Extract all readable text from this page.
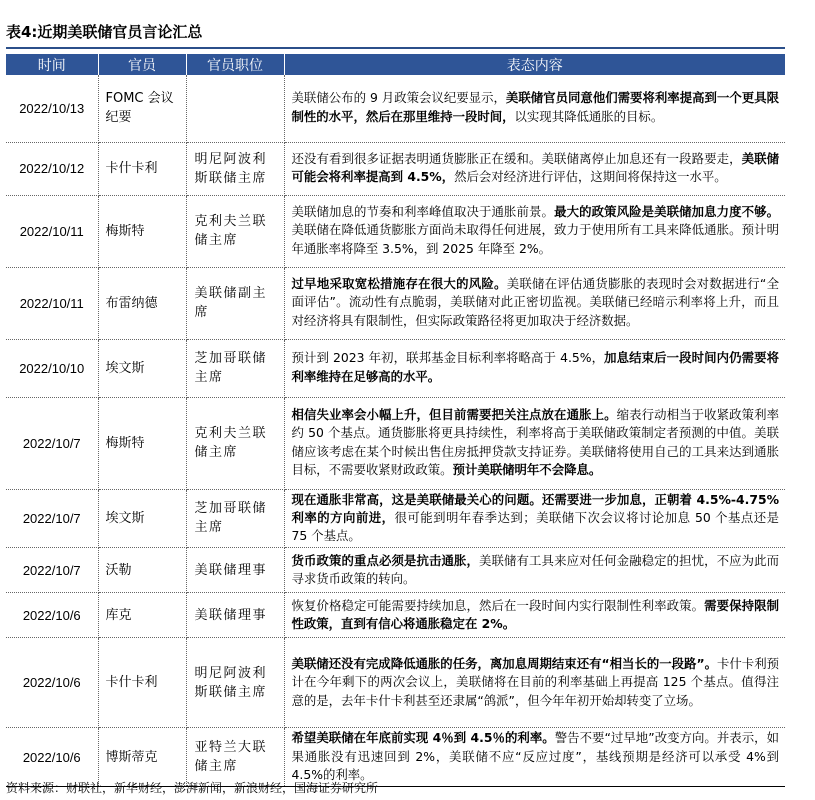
表4:近期美联储官员言论汇总
时间	官员	官员职位	表态内容
2022/10/13	FOMC 会议纪要		美联储公布的 9 月政策会议纪要显示，美联储官员同意他们需要将利率提高到一个更具限制性的水平，然后在那里维持一段时间，以实现其降低通胀的目标。
2022/10/12	卡什卡利	明尼阿波利斯联储主席	还没有看到很多证据表明通货膨胀正在缓和。美联储离停止加息还有一段路要走，美联储可能会将利率提高到 4.5%，然后会对经济进行评估，这期间将保持这一水平。
2022/10/11	梅斯特	克利夫兰联储主席	美联储加息的节奏和利率峰值取决于通胀前景。最大的政策风险是美联储加息力度不够。美联储在降低通货膨胀方面尚未取得任何进展，致力于使用所有工具来降低通胀。预计明年通胀率将降至 3.5%，到 2025 年降至 2%。
2022/10/11	布雷纳德	美联储副主席	过早地采取宽松措施存在很大的风险。美联储在评估通货膨胀的表现时会对数据进行“全面评估”。流动性有点脆弱，美联储对此正密切监视。美联储已经暗示利率将上升，而且对经济将具有限制性，但实际政策路径将更加取决于经济数据。
2022/10/10	埃文斯	芝加哥联储主席	预计到 2023 年初，联邦基金目标利率将略高于 4.5%，加息结束后一段时间内仍需要将利率维持在足够高的水平。
2022/10/7	梅斯特	克利夫兰联储主席	相信失业率会小幅上升，但目前需要把关注点放在通胀上。缩表行动相当于收紧政策利率约 50 个基点。通货膨胀将更具持续性，利率将高于美联储政策制定者预测的中值。美联储应该考虑在某个时候出售住房抵押贷款支持证券。美联储将使用自己的工具来达到通胀目标，不需要收紧财政政策。预计美联储明年不会降息。
2022/10/7	埃文斯	芝加哥联储主席	现在通胀非常高，这是美联储最关心的问题。还需要进一步加息，正朝着 4.5%-4.75%利率的方向前进，很可能到明年春季达到；美联储下次会议将讨论加息 50 个基点还是 75 个基点。
2022/10/7	沃勒	美联储理事	货币政策的重点必须是抗击通胀，美联储有工具来应对任何金融稳定的担忧，不应为此而寻求货币政策的转向。
2022/10/6	库克	美联储理事	恢复价格稳定可能需要持续加息，然后在一段时间内实行限制性利率政策。需要保持限制性政策，直到有信心将通胀稳定在 2%。
2022/10/6	卡什卡利	明尼阿波利斯联储主席	美联储还没有完成降低通胀的任务，离加息周期结束还有“相当长的一段路”。卡什卡利预计在今年剩下的两次会议上，美联储将在目前的利率基础上再提高 125 个基点。值得注意的是，去年卡什卡利甚至还隶属“鸽派”，但今年年初开始却转变了立场。
2022/10/6	博斯蒂克	亚特兰大联储主席	希望美联储在年底前实现 4％到 4.5％的利率。警告不要“过早地”改变方向。并表示，如果通胀没有迅速回到 2%，美联储不应“反应过度”，基线预期是经济可以承受 4%到 4.5%的利率。
资料来源：财联社，新华财经，澎湃新闻，新浪财经，国海证券研究所
